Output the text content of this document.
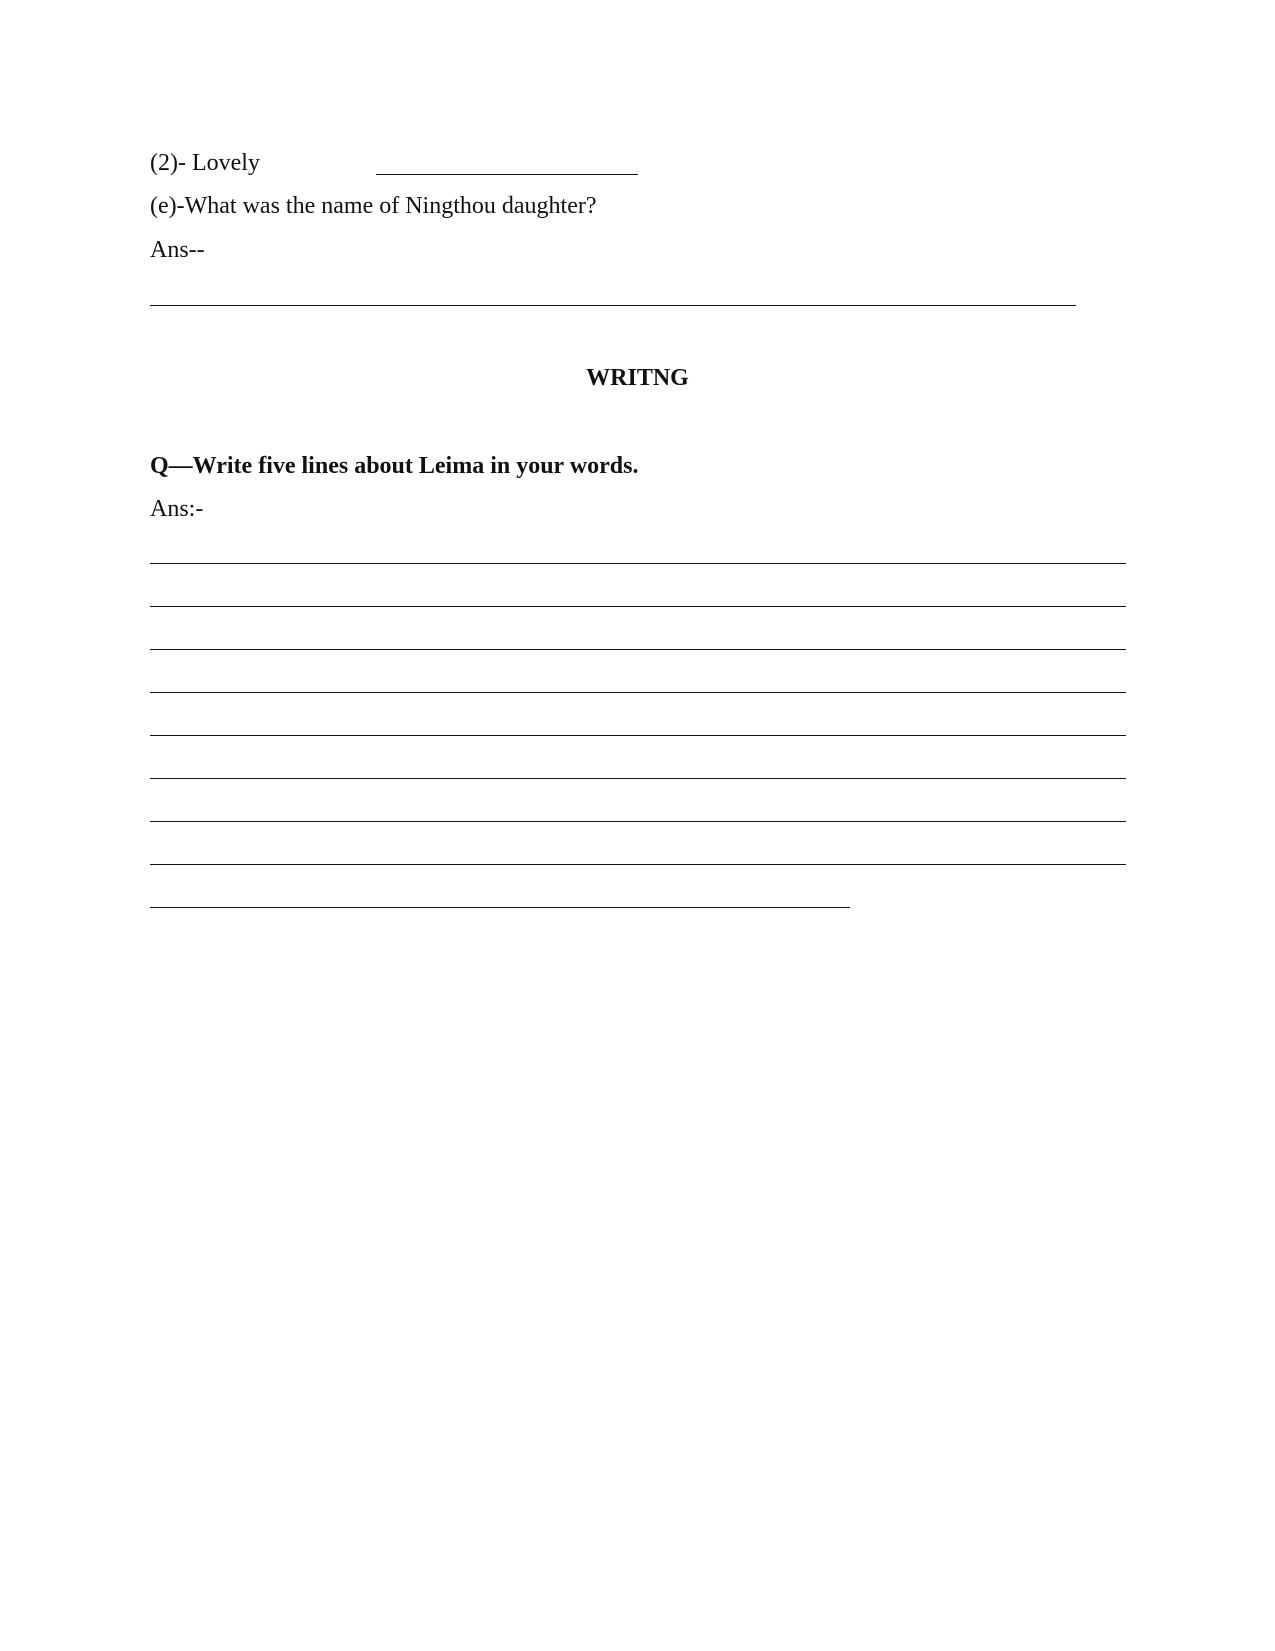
(2)- Lovely
(e)-What was the name of Ningthou daughter?
Ans--
WRITNG
Q—Write five lines about Leima in your words.
Ans:-
